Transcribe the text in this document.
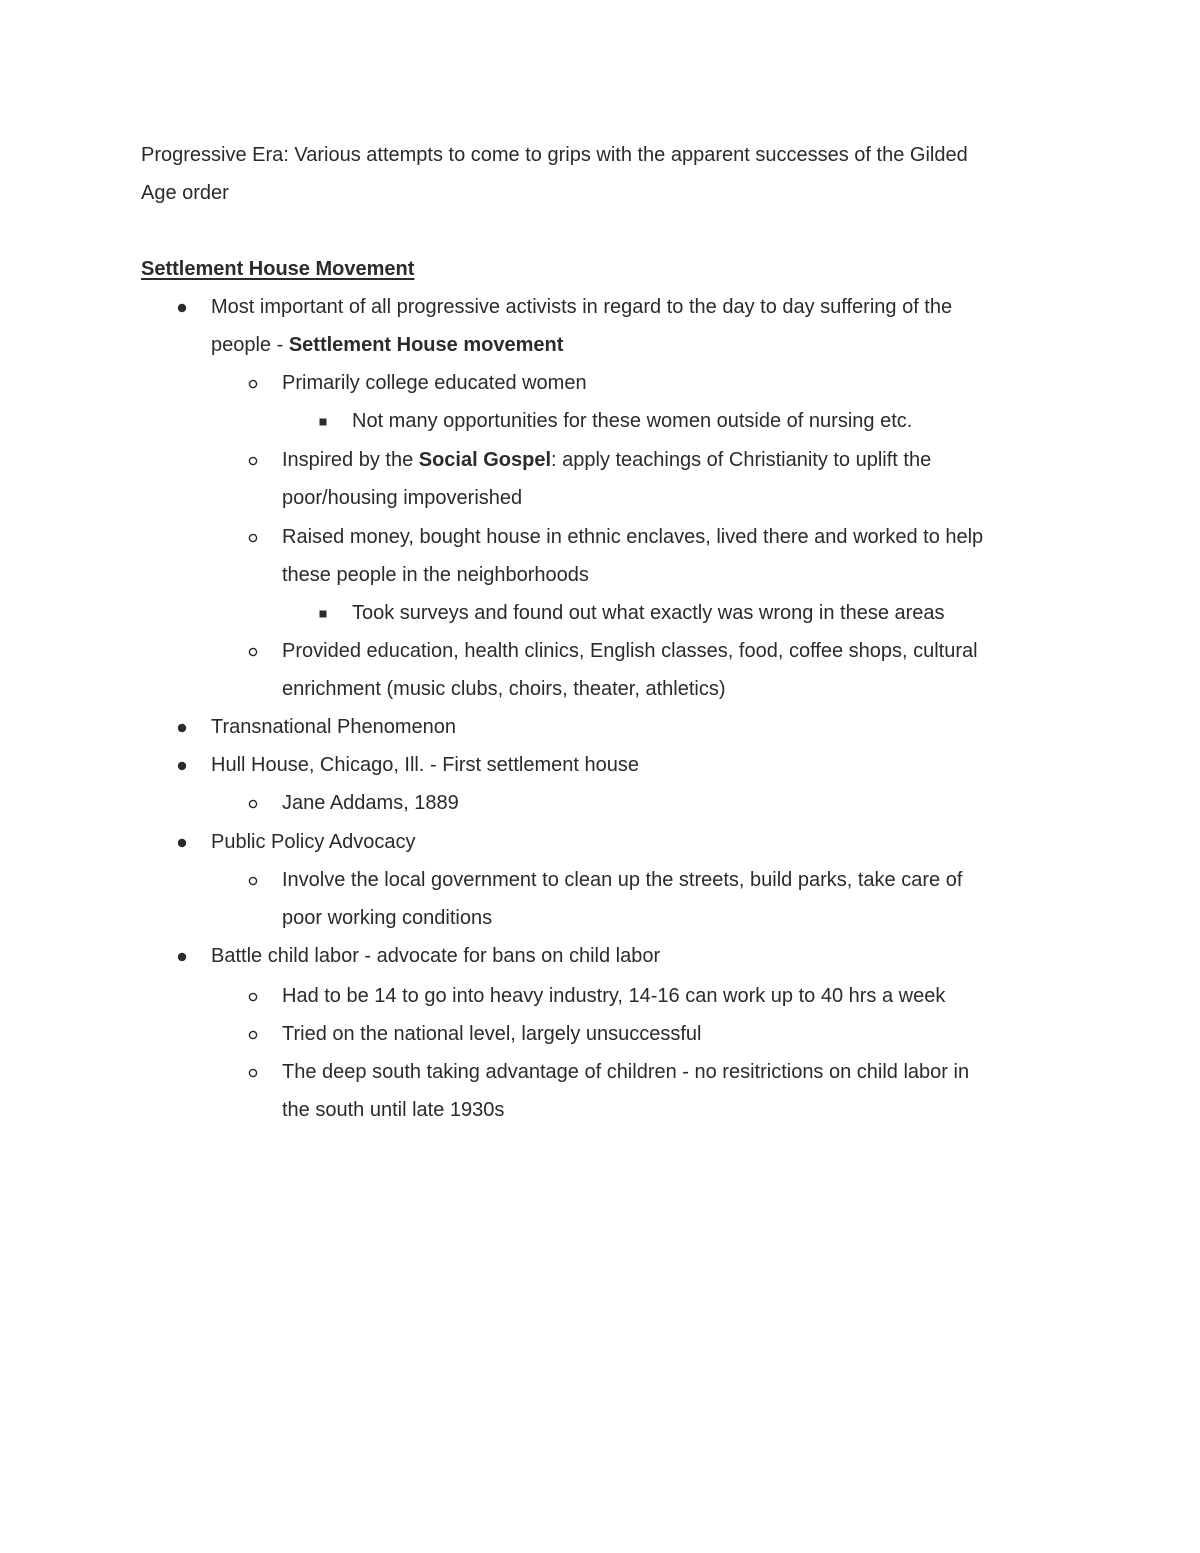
Progressive Era: Various attempts to come to grips with the apparent successes of the Gilded
Age order
Settlement House Movement
Most important of all progressive activists in regard to the day to day suffering of the
people - Settlement House movement
Primarily college educated women
Not many opportunities for these women outside of nursing etc.
Inspired by the Social Gospel: apply teachings of Christianity to uplift the
poor/housing impoverished
Raised money, bought house in ethnic enclaves, lived there and worked to help
these people in the neighborhoods
Took surveys and found out what exactly was wrong in these areas
Provided education, health clinics, English classes, food, coffee shops, cultural
enrichment (music clubs, choirs, theater, athletics)
Transnational Phenomenon
Hull House, Chicago, Ill. - First settlement house
Jane Addams, 1889
Public Policy Advocacy
Involve the local government to clean up the streets, build parks, take care of
poor working conditions
Battle child labor - advocate for bans on child labor
Had to be 14 to go into heavy industry, 14-16 can work up to 40 hrs a week
Tried on the national level, largely unsuccessful
The deep south taking advantage of children - no resitrictions on child labor in
the south until late 1930s
